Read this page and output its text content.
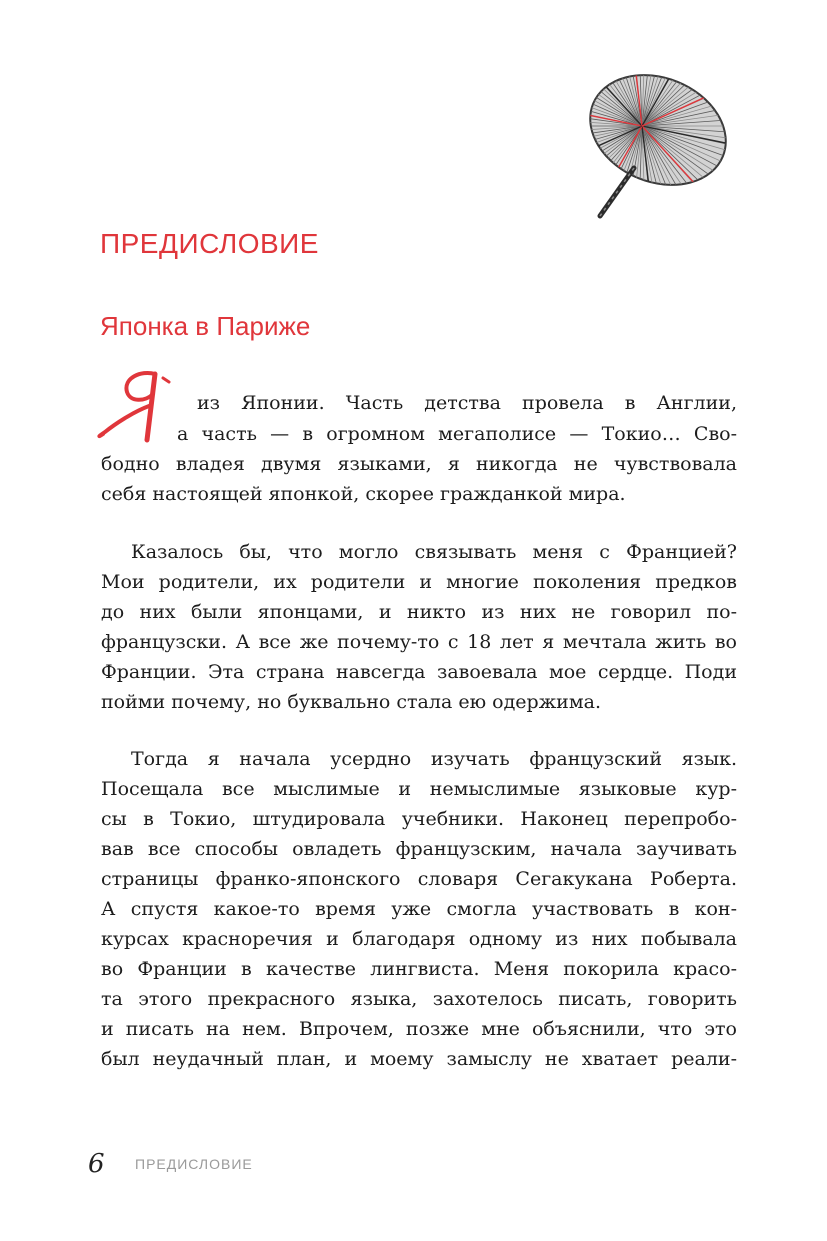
ПРЕДИСЛОВИЕ
Японка в Париже

из Японии. Часть детства провела в Англии,

а часть — в огромном мегаполисе — Токио… Сво-

бодно владея двумя языками, я никогда не чувствовала

себя настоящей японкой, скорее гражданкой мира.

Казалось бы, что могло связывать меня с Францией?

Мои родители, их родители и многие поколения предков

до них были японцами, и никто из них не говорил по-

французски. А все же почему-то с 18 лет я мечтала жить во

Франции. Эта страна навсегда завоевала мое сердце. Поди

пойми почему, но буквально стала ею одержима.

Тогда я начала усердно изучать французский язык.

Посещала все мыслимые и немыслимые языковые кур-

сы в Токио, штудировала учебники. Наконец перепробо-

вав все способы овладеть французским, начала заучивать

страницы франко-японского словаря Сегакукана Роберта.

А спустя какое-то время уже смогла участвовать в кон-

курсах красноречия и благодаря одному из них побывала

во Франции в качестве лингвиста. Меня покорила красо-

та этого прекрасного языка, захотелось писать, говорить

и писать на нем. Впрочем, позже мне объяснили, что это

был неудачный план, и моему замыслу не хватает реали-

6 ПРЕДИСЛОВИЕ
